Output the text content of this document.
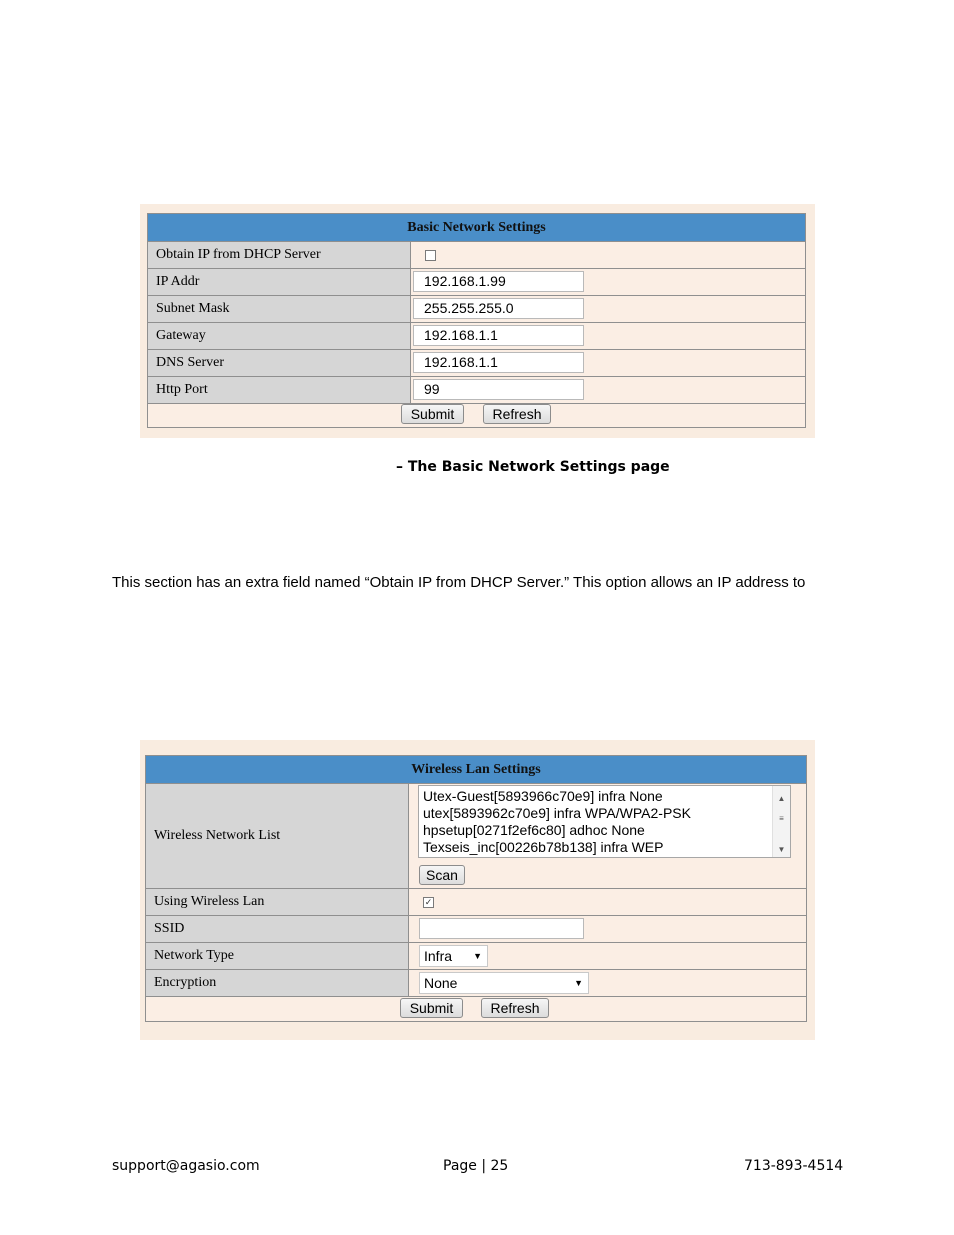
Basic Network Settings
Obtain IP from DHCP Server
IP Addr	192.168.1.99
Subnet Mask	255.255.255.0
Gateway	192.168.1.1
DNS Server	192.168.1.1
Http Port	99
Submit	Refresh
– The Basic Network Settings page
This section has an extra field named “Obtain IP from DHCP Server.” This option allows an IP address to
Wireless Lan Settings
Wireless Network List
Utex-Guest[5893966c70e9] infra None
utex[5893962c70e9] infra WPA/WPA2-PSK
hpsetup[0271f2ef6c80] adhoc None
Texseis_inc[00226b78b138] infra WEP
▲
≡
▼
Scan
Using Wireless Lan	✓
SSID
Network Type	Infra ▼
Encryption	None	▼
Submit	Refresh
support@agasio.com	Page | 25	713-893-4514
